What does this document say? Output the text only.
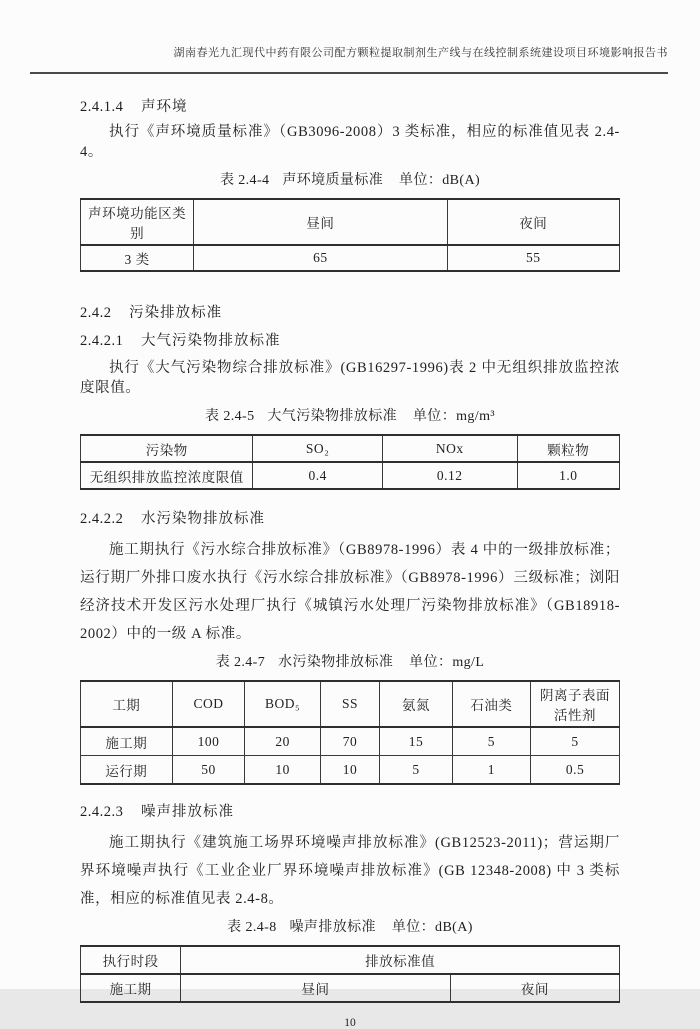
湖南春光九汇现代中药有限公司配方颗粒提取制剂生产线与在线控制系统建设项目环境影响报告书

2.4.1.4 声环境

执行《声环境质量标准》（GB3096-2008）3 类标准，相应的标准值见表 2.4-4。

表 2.4-4 声环境质量标准 单位：dB(A)

声环境功能区类别	昼间	夜间
3 类	65	55

2.4.2 污染排放标准

2.4.2.1 大气污染物排放标准

执行《大气污染物综合排放标准》(GB16297-1996)表 2 中无组织排放监控浓度限值。

表 2.4-5 大气污染物排放标准 单位：mg/m³

污染物	SO₂	NOx	颗粒物
无组织排放监控浓度限值	0.4	0.12	1.0

2.4.2.2 水污染物排放标准

施工期执行《污水综合排放标准》（GB8978-1996）表 4 中的一级排放标准；运行期厂外排口废水执行《污水综合排放标准》（GB8978-1996）三级标准；浏阳经济技术开发区污水处理厂执行《城镇污水处理厂污染物排放标准》（GB18918-2002）中的一级 A 标准。

表 2.4-7 水污染物排放标准 单位：mg/L

工期	COD	BOD₅	SS	氨氮	石油类	阴离子表面活性剂
施工期	100	20	70	15	5	5
运行期	50	10	10	5	1	0.5

2.4.2.3 噪声排放标准

施工期执行《建筑施工场界环境噪声排放标准》(GB12523-2011)；营运期厂界环境噪声执行《工业企业厂界环境噪声排放标准》(GB 12348-2008) 中 3 类标准，相应的标准值见表 2.4-8。

表 2.4-8 噪声排放标准 单位：dB(A)

执行时段	排放标准值	
施工期	昼间	夜间

10
